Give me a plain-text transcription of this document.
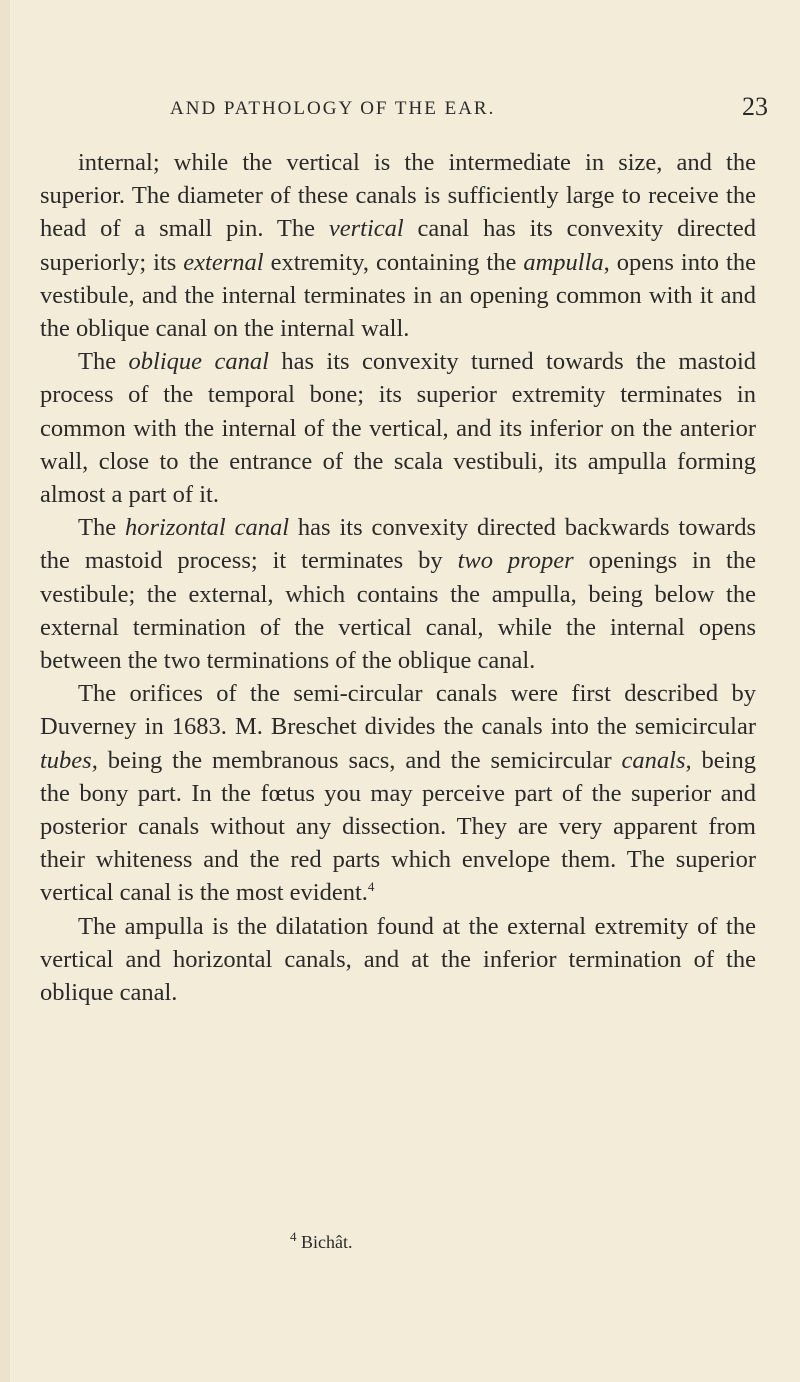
AND PATHOLOGY OF THE EAR.	23

internal; while the vertical is the intermediate in size, and the superior. The diameter of these canals is sufficiently large to receive the head of a small pin. The vertical canal has its convexity directed superiorly; its external extremity, containing the ampulla, opens into the vestibule, and the internal terminates in an opening common with it and the oblique canal on the internal wall.

The oblique canal has its convexity turned towards the mastoid process of the temporal bone; its superior extremity terminates in common with the internal of the vertical, and its inferior on the anterior wall, close to the entrance of the scala vestibuli, its ampulla forming almost a part of it.

The horizontal canal has its convexity directed backwards towards the mastoid process; it terminates by two proper openings in the vestibule; the external, which contains the ampulla, being below the external termination of the vertical canal, while the internal opens between the two terminations of the oblique canal.

The orifices of the semi-circular canals were first described by Duverney in 1683. M. Breschet divides the canals into the semicircular tubes, being the membranous sacs, and the semicircular canals, being the bony part. In the fœtus you may perceive part of the superior and posterior canals without any dissection. They are very apparent from their whiteness and the red parts which envelope them. The superior vertical canal is the most evident.$^4$

The ampulla is the dilatation found at the external extremity of the vertical and horizontal canals, and at the inferior termination of the oblique canal.

$^4$ Bichât.
